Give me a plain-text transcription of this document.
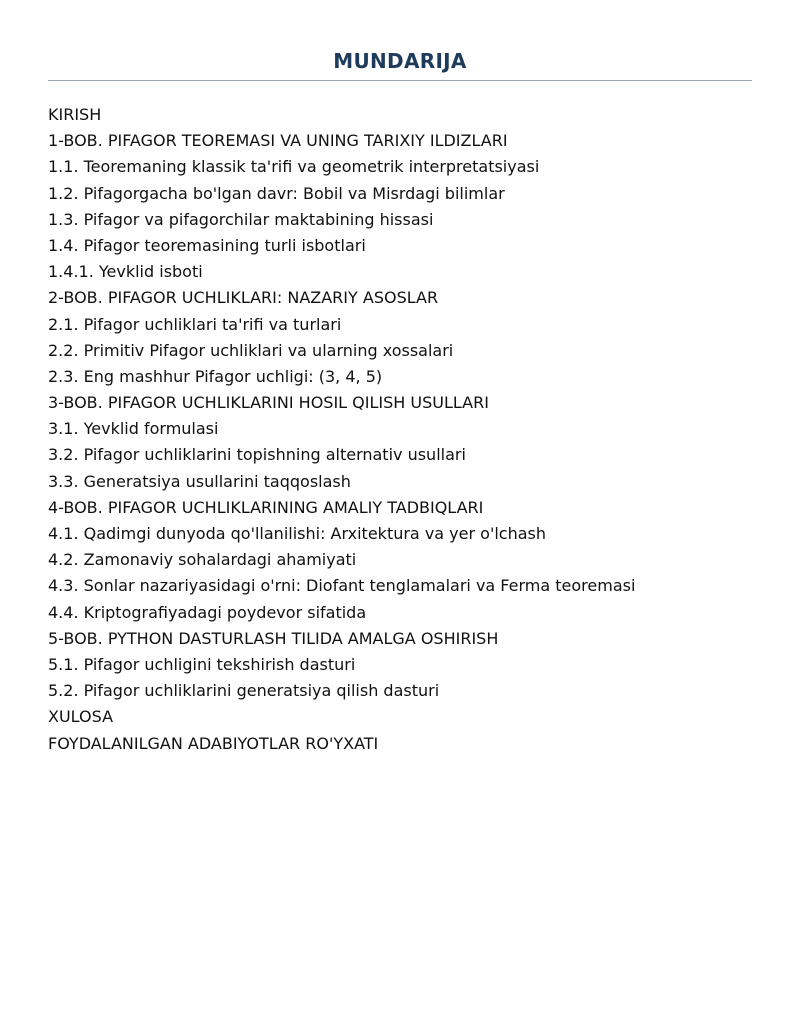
MUNDARIJA
KIRISH
1-BOB. PIFAGOR TEOREMASI VA UNING TARIXIY ILDIZLARI
1.1. Teoremaning klassik ta'rifi va geometrik interpretatsiyasi
1.2. Pifagorgacha bo'lgan davr: Bobil va Misrdagi bilimlar
1.3. Pifagor va pifagorchilar maktabining hissasi
1.4. Pifagor teoremasining turli isbotlari
1.4.1. Yevklid isboti
2-BOB. PIFAGOR UCHLIKLARI: NAZARIY ASOSLAR
2.1. Pifagor uchliklari ta'rifi va turlari
2.2. Primitiv Pifagor uchliklari va ularning xossalari
2.3. Eng mashhur Pifagor uchligi: (3, 4, 5)
3-BOB. PIFAGOR UCHLIKLARINI HOSIL QILISH USULLARI
3.1. Yevklid formulasi
3.2. Pifagor uchliklarini topishning alternativ usullari
3.3. Generatsiya usullarini taqqoslash
4-BOB. PIFAGOR UCHLIKLARINING AMALIY TADBIQLARI
4.1. Qadimgi dunyoda qo'llanilishi: Arxitektura va yer o'lchash
4.2. Zamonaviy sohalardagi ahamiyati
4.3. Sonlar nazariyasidagi o'rni: Diofant tenglamalari va Ferma teoremasi
4.4. Kriptografiyadagi poydevor sifatida
5-BOB. PYTHON DASTURLASH TILIDA AMALGA OSHIRISH
5.1. Pifagor uchligini tekshirish dasturi
5.2. Pifagor uchliklarini generatsiya qilish dasturi
XULOSA
FOYDALANILGAN ADABIYOTLAR RO'YXATI
